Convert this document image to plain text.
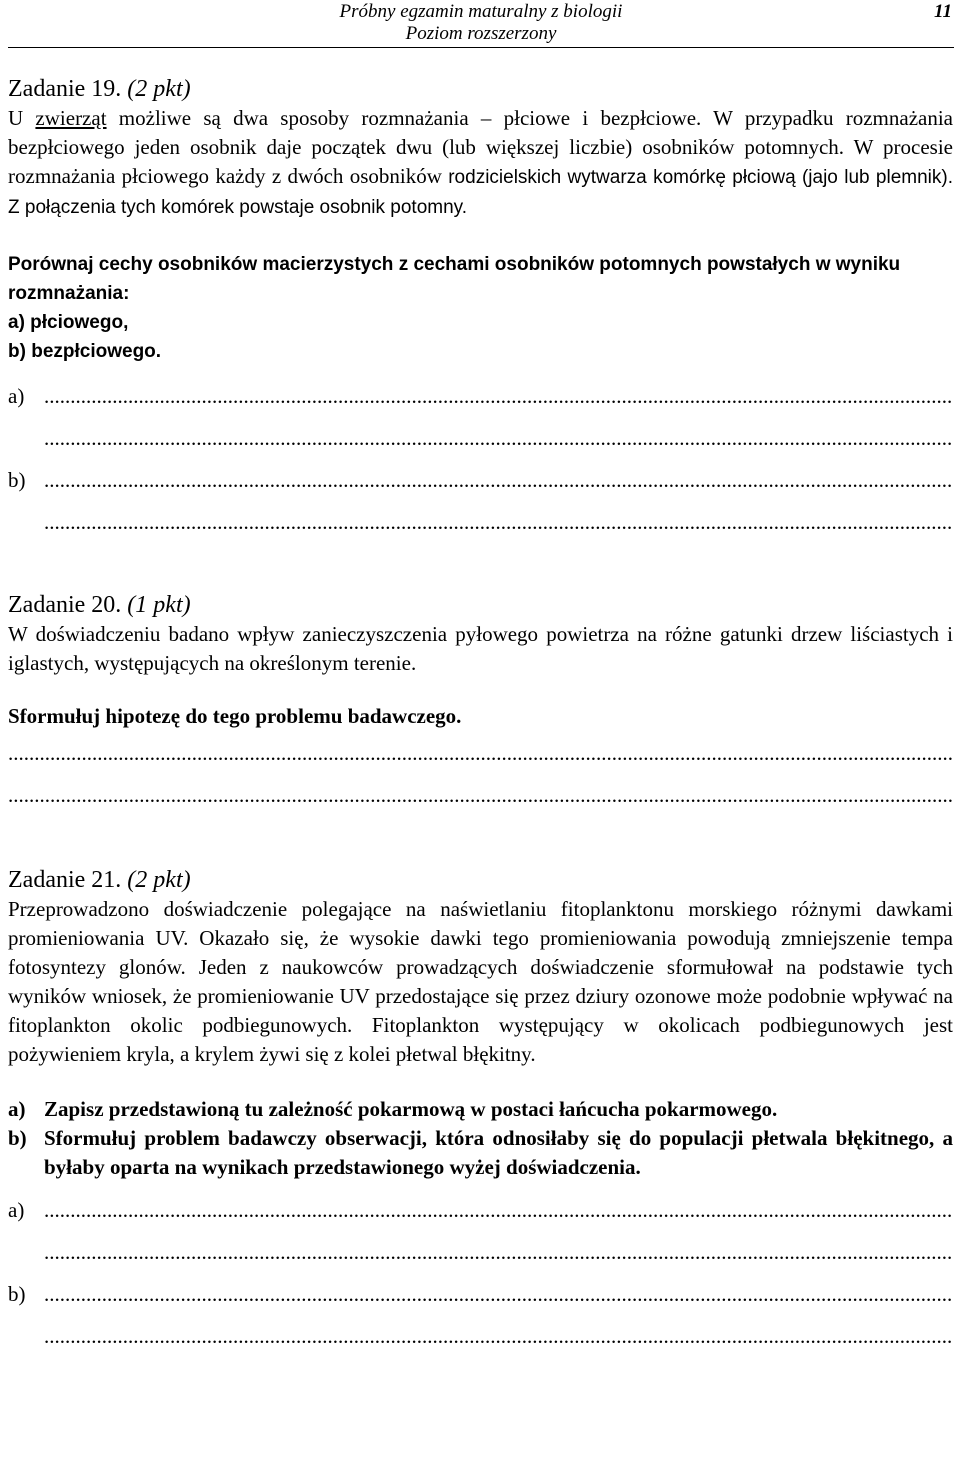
Próbny egzamin maturalny z biologii
Poziom rozszerzony
11
Zadanie 19. (2 pkt)

U zwierząt możliwe są dwa sposoby rozmnażania – płciowe i bezpłciowe. W przypadku rozmnażania bezpłciowego jeden osobnik daje początek dwu (lub większej liczbie) osobników potomnych. W procesie rozmnażania płciowego każdy z dwóch osobników rodzicielskich wytwarza komórkę płciową (jajo lub plemnik). Z połączenia tych komórek powstaje osobnik potomny.

Porównaj cechy osobników macierzystych z cechami osobników potomnych powstałych w wyniku rozmnażania:

a) płciowego,

b) bezpłciowego.

a)
.....
.....
b)
.....
.....
Zadanie 20. (1 pkt)

W doświadczeniu badano wpływ zanieczyszczenia pyłowego powietrza na różne gatunki drzew liściastych i iglastych, występujących na określonym terenie.

Sformułuj hipotezę do tego problemu badawczego.

.....
.....
Zadanie 21. (2 pkt)

Przeprowadzono doświadczenie polegające na naświetlaniu fitoplanktonu morskiego różnymi dawkami promieniowania UV. Okazało się, że wysokie dawki tego promieniowania powodują zmniejszenie tempa fotosyntezy glonów. Jeden z naukowców prowadzących doświadczenie sformułował na podstawie tych wyników wniosek, że promieniowanie UV przedostające się przez dziury ozonowe może podobnie wpływać na fitoplankton okolic podbiegunowych. Fitoplankton występujący w okolicach podbiegunowych jest pożywieniem kryla, a krylem żywi się z kolei płetwal błękitny.

a) Zapisz przedstawioną tu zależność pokarmową w postaci łańcucha pokarmowego.
b) Sformułuj problem badawczy obserwacji, która odnosiłaby się do populacji płetwala błękitnego, a byłaby oparta na wynikach przedstawionego wyżej doświadczenia.
a)
.....
.....
b)
.....
.....
